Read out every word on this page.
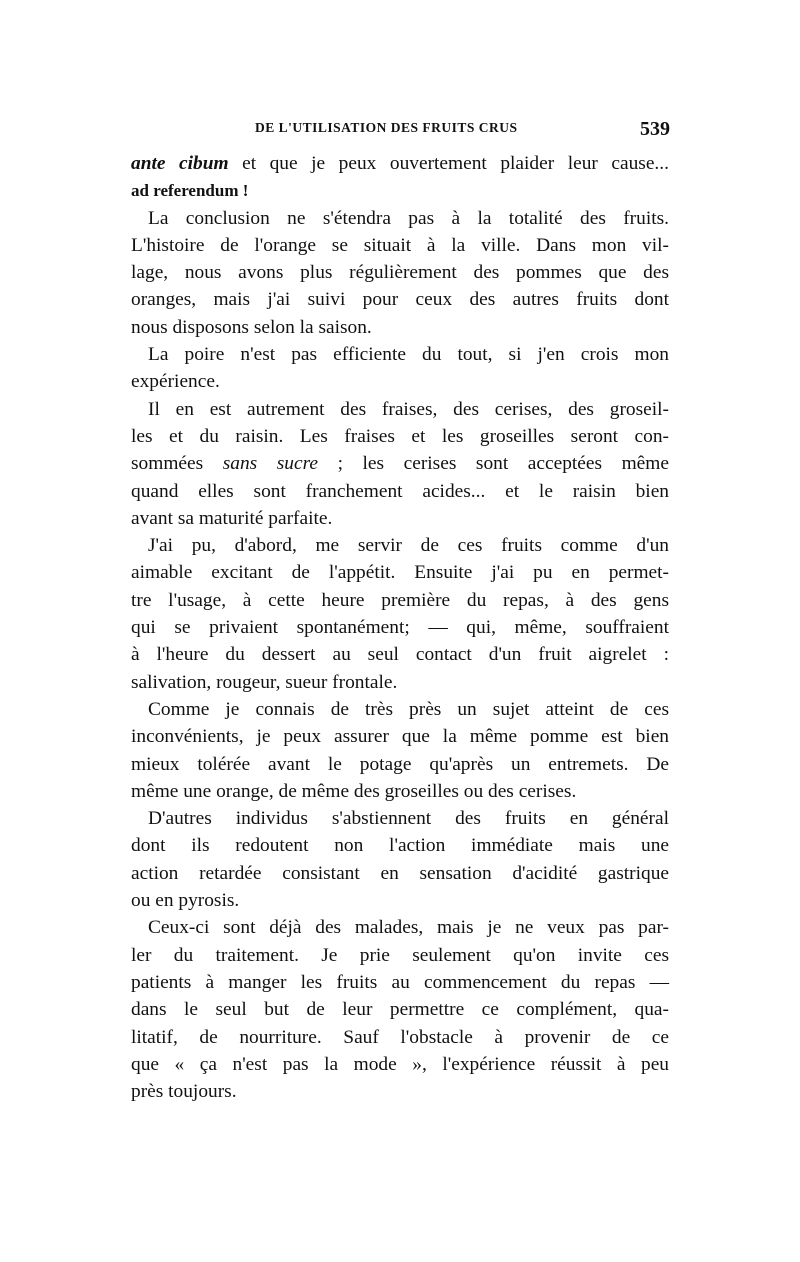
DE L'UTILISATION DES FRUITS CRUS	539
ante cibum et que je peux ouvertement plaider leur cause...
ad referendum !
La conclusion ne s'étendra pas à la totalité des fruits.
L'histoire de l'orange se situait à la ville. Dans mon vil-
lage, nous avons plus régulièrement des pommes que des
oranges, mais j'ai suivi pour ceux des autres fruits dont
nous disposons selon la saison.
La poire n'est pas efficiente du tout, si j'en crois mon
expérience.
Il en est autrement des fraises, des cerises, des groseil-
les et du raisin. Les fraises et les groseilles seront con-
sommées sans sucre ; les cerises sont acceptées même
quand elles sont franchement acides... et le raisin bien
avant sa maturité parfaite.
J'ai pu, d'abord, me servir de ces fruits comme d'un
aimable excitant de l'appétit. Ensuite j'ai pu en permet-
tre l'usage, à cette heure première du repas, à des gens
qui se privaient spontanément; — qui, même, souffraient
à l'heure du dessert au seul contact d'un fruit aigrelet :
salivation, rougeur, sueur frontale.
Comme je connais de très près un sujet atteint de ces
inconvénients, je peux assurer que la même pomme est bien
mieux tolérée avant le potage qu'après un entremets. De
même une orange, de même des groseilles ou des cerises.
D'autres individus s'abstiennent des fruits en général
dont ils redoutent non l'action immédiate mais une
action retardée consistant en sensation d'acidité gastrique
ou en pyrosis.
Ceux-ci sont déjà des malades, mais je ne veux pas par-
ler du traitement. Je prie seulement qu'on invite ces
patients à manger les fruits au commencement du repas —
dans le seul but de leur permettre ce complément, qua-
litatif, de nourriture. Sauf l'obstacle à provenir de ce
que « ça n'est pas la mode », l'expérience réussit à peu
près toujours.
